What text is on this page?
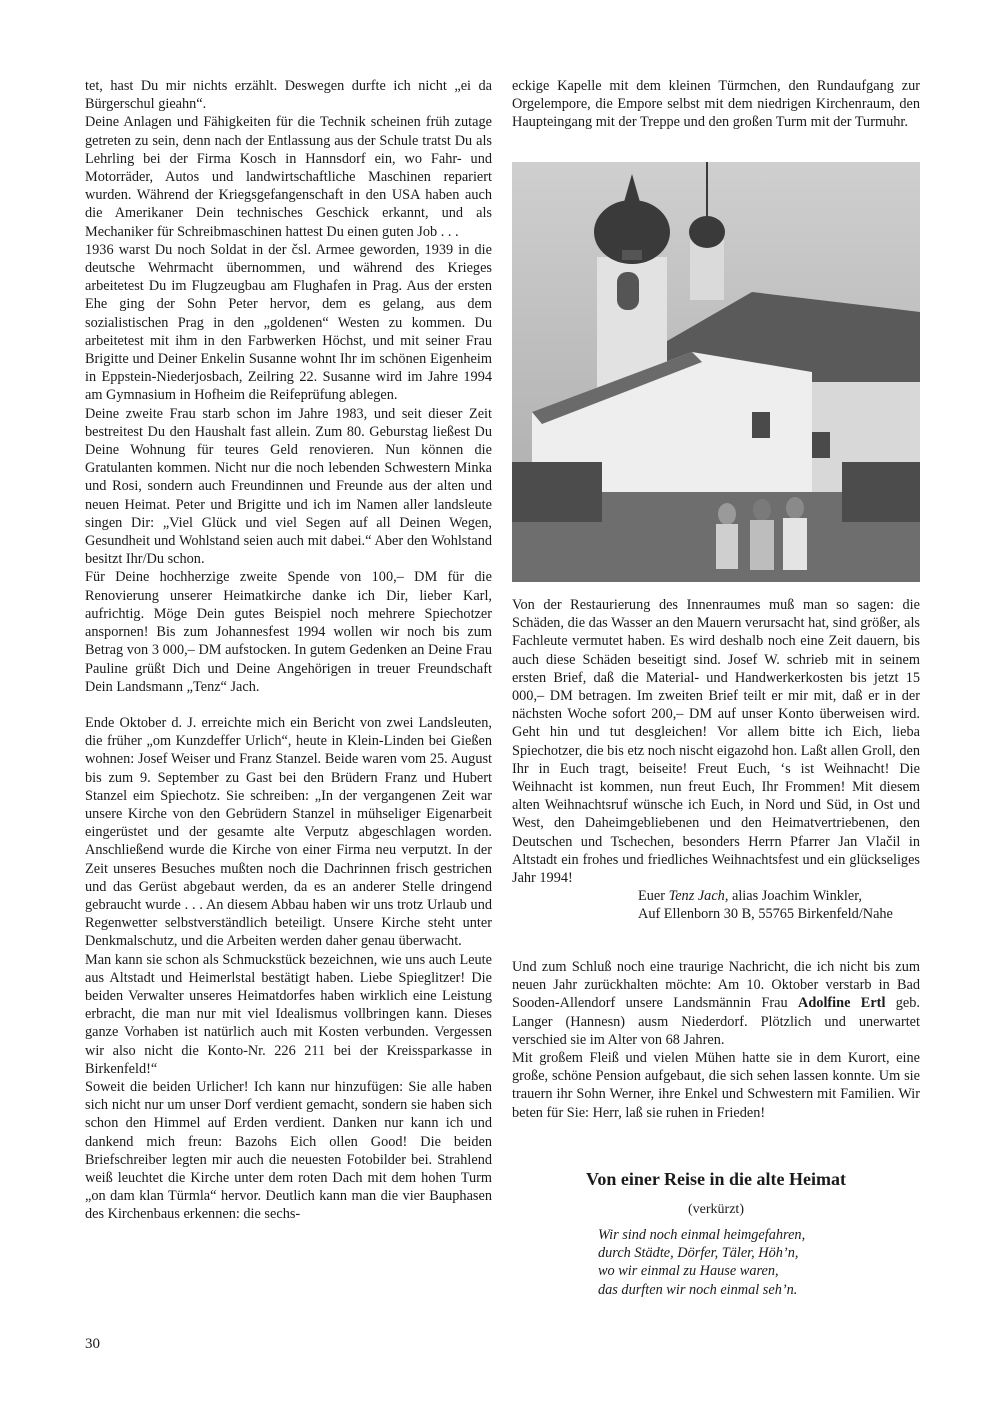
tet, hast Du mir nichts erzählt. Deswegen durfte ich nicht „ei da Bürgerschul gieahn“.

Deine Anlagen und Fähigkeiten für die Technik scheinen früh zutage getreten zu sein, denn nach der Entlassung aus der Schule tratst Du als Lehrling bei der Firma Kosch in Hannsdorf ein, wo Fahr- und Motorräder, Autos und landwirtschaftliche Maschinen repariert wurden. Während der Kriegsgefangenschaft in den USA haben auch die Amerikaner Dein technisches Geschick erkannt, und als Mechaniker für Schreibmaschinen hattest Du einen guten Job . . .

1936 warst Du noch Soldat in der čsl. Armee geworden, 1939 in die deutsche Wehrmacht übernommen, und während des Krieges arbeitetest Du im Flugzeugbau am Flughafen in Prag. Aus der ersten Ehe ging der Sohn Peter hervor, dem es gelang, aus dem sozialistischen Prag in den „goldenen“ Westen zu kommen. Du arbeitetest mit ihm in den Farbwerken Höchst, und mit seiner Frau Brigitte und Deiner Enkelin Susanne wohnt Ihr im schönen Eigenheim in Eppstein-Niederjosbach, Zeilring 22. Susanne wird im Jahre 1994 am Gymnasium in Hofheim die Reifeprüfung ablegen.

Deine zweite Frau starb schon im Jahre 1983, und seit dieser Zeit bestreitest Du den Haushalt fast allein. Zum 80. Geburstag ließest Du Deine Wohnung für teures Geld renovieren. Nun können die Gratulanten kommen. Nicht nur die noch lebenden Schwestern Minka und Rosi, sondern auch Freundinnen und Freunde aus der alten und neuen Heimat. Peter und Brigitte und ich im Namen aller landsleute singen Dir: „Viel Glück und viel Segen auf all Deinen Wegen, Gesundheit und Wohlstand seien auch mit dabei.“ Aber den Wohlstand besitzt Ihr/Du schon.

Für Deine hochherzige zweite Spende von 100,– DM für die Renovierung unserer Heimatkirche danke ich Dir, lieber Karl, aufrichtig. Möge Dein gutes Beispiel noch mehrere Spiechotzer anspornen! Bis zum Johannesfest 1994 wollen wir noch bis zum Betrag von 3 000,– DM aufstocken. In gutem Gedenken an Deine Frau Pauline grüßt Dich und Deine Angehörigen in treuer Freundschaft Dein Landsmann „Tenz“ Jach.

Ende Oktober d. J. erreichte mich ein Bericht von zwei Landsleuten, die früher „om Kunzdeffer Urlich“, heute in Klein-Linden bei Gießen wohnen: Josef Weiser und Franz Stanzel. Beide waren vom 25. August bis zum 9. September zu Gast bei den Brüdern Franz und Hubert Stanzel eim Spiechotz. Sie schreiben: „In der vergangenen Zeit war unsere Kirche von den Gebrüdern Stanzel in mühseliger Eigenarbeit eingerüstet und der gesamte alte Verputz abgeschlagen worden. Anschließend wurde die Kirche von einer Firma neu verputzt. In der Zeit unseres Besuches mußten noch die Dachrinnen frisch gestrichen und das Gerüst abgebaut werden, da es an anderer Stelle dringend gebraucht wurde . . . An diesem Abbau haben wir uns trotz Urlaub und Regenwetter selbstverständlich beteiligt. Unsere Kirche steht unter Denkmalschutz, und die Arbeiten werden daher genau überwacht.

Man kann sie schon als Schmuckstück bezeichnen, wie uns auch Leute aus Altstadt und Heimerlstal bestätigt haben. Liebe Spieglitzer! Die beiden Verwalter unseres Heimatdorfes haben wirklich eine Leistung erbracht, die man nur mit viel Idealismus vollbringen kann. Dieses ganze Vorhaben ist natürlich auch mit Kosten verbunden. Vergessen wir also nicht die Konto-Nr. 226 211 bei der Kreissparkasse in Birkenfeld!“

Soweit die beiden Urlicher! Ich kann nur hinzufügen: Sie alle haben sich nicht nur um unser Dorf verdient gemacht, sondern sie haben sich schon den Himmel auf Erden verdient. Danken nur kann ich und dankend mich freun: Bazohs Eich ollen Good! Die beiden Briefschreiber legten mir auch die neuesten Fotobilder bei. Strahlend weiß leuchtet die Kirche unter dem roten Dach mit dem hohen Turm „on dam klan Türmla“ hervor. Deutlich kann man die vier Bauphasen des Kirchenbaus erkennen: die sechs-

eckige Kapelle mit dem kleinen Türmchen, den Rundaufgang zur Orgelempore, die Empore selbst mit dem niedrigen Kirchenraum, den Haupteingang mit der Treppe und den großen Turm mit der Turmuhr.

Von der Restaurierung des Innenraumes muß man so sagen: die Schäden, die das Wasser an den Mauern verursacht hat, sind größer, als Fachleute vermutet haben. Es wird deshalb noch eine Zeit dauern, bis auch diese Schäden beseitigt sind. Josef W. schrieb mit in seinem ersten Brief, daß die Material- und Handwerkerkosten bis jetzt 15 000,– DM betragen. Im zweiten Brief teilt er mir mit, daß er in der nächsten Woche sofort 200,– DM auf unser Konto überweisen wird. Geht hin und tut desgleichen! Vor allem bitte ich Eich, lieba Spiechotzer, die bis etz noch nischt eigazohd hon. Laßt allen Groll, den Ihr in Euch tragt, beiseite! Freut Euch, ‘s ist Weihnacht! Die Weihnacht ist kommen, nun freut Euch, Ihr Frommen! Mit diesem alten Weihnachtsruf wünsche ich Euch, in Nord und Süd, in Ost und West, den Daheimgebliebenen und den Heimatvertriebenen, den Deutschen und Tschechen, besonders Herrn Pfarrer Jan Vlačil in Altstadt ein frohes und friedliches Weihnachtsfest und ein glückseliges Jahr 1994!

Euer Tenz Jach, alias Joachim Winkler,

Auf Ellenborn 30 B, 55765 Birkenfeld/Nahe

Und zum Schluß noch eine traurige Nachricht, die ich nicht bis zum neuen Jahr zurückhalten möchte: Am 10. Oktober verstarb in Bad Sooden-Allendorf unsere Landsmännin Frau Adolfine Ertl geb. Langer (Hannesn) ausm Niederdorf. Plötzlich und unerwartet verschied sie im Alter von 68 Jahren.

Mit großem Fleiß und vielen Mühen hatte sie in dem Kurort, eine große, schöne Pension aufgebaut, die sich sehen lassen konnte. Um sie trauern ihr Sohn Werner, ihre Enkel und Schwestern mit Familien. Wir beten für Sie: Herr, laß sie ruhen in Frieden!

Von einer Reise in die alte Heimat
(verkürzt)

Wir sind noch einmal heimgefahren,

durch Städte, Dörfer, Täler, Höh’n,

wo wir einmal zu Hause waren,

das durften wir noch einmal seh’n.

30
